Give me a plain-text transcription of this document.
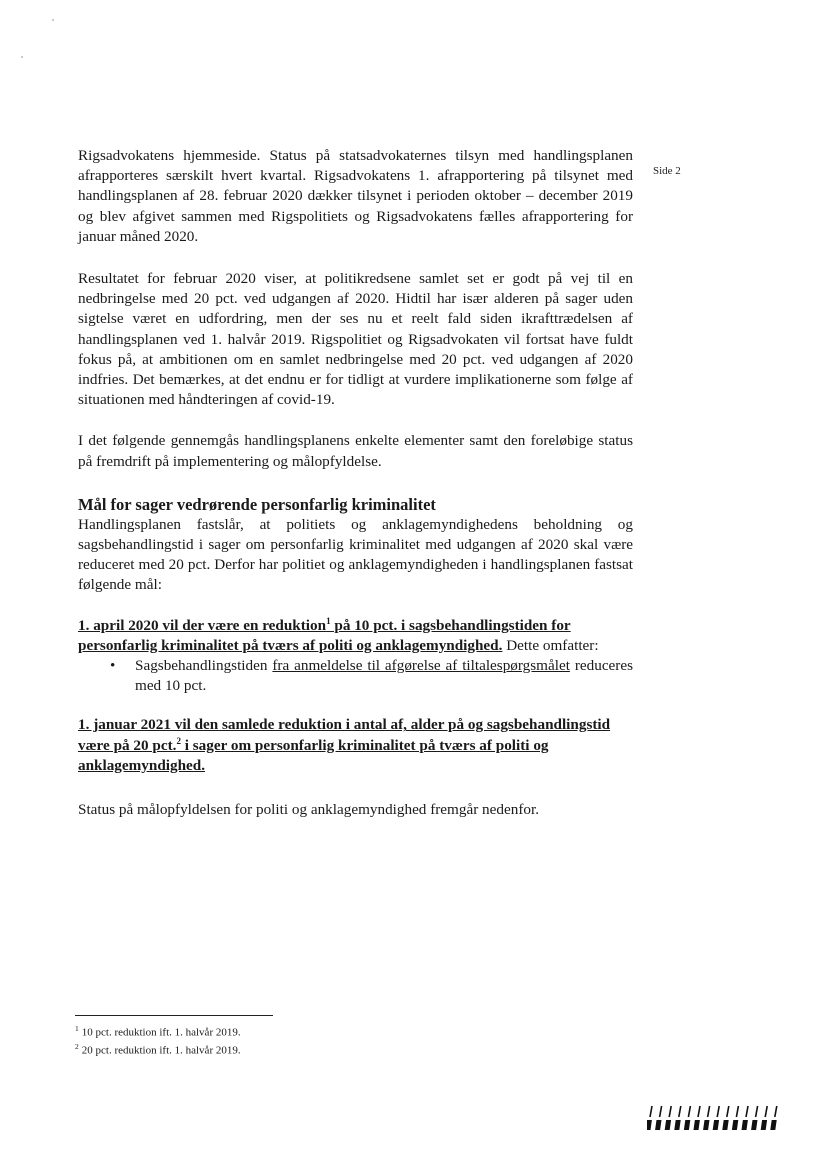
Side 2

Rigsadvokatens hjemmeside. Status på statsadvokaternes tilsyn med handlingsplanen afrapporteres særskilt hvert kvartal. Rigsadvokatens 1. afrapportering på tilsynet med handlingsplanen af 28. februar 2020 dækker tilsynet i perioden oktober – december 2019 og blev afgivet sammen med Rigspolitiets og Rigsadvokatens fælles afrapportering for januar måned 2020.

Resultatet for februar 2020 viser, at politikredsene samlet set er godt på vej til en nedbringelse med 20 pct. ved udgangen af 2020. Hidtil har især alderen på sager uden sigtelse været en udfordring, men der ses nu et reelt fald siden ikrafttrædelsen af handlingsplanen ved 1. halvår 2019. Rigspolitiet og Rigsadvokaten vil fortsat have fuldt fokus på, at ambitionen om en samlet nedbringelse med 20 pct. ved udgangen af 2020 indfries. Det bemærkes, at det endnu er for tidligt at vurdere implikationerne som følge af situationen med håndteringen af covid-19.

I det følgende gennemgås handlingsplanens enkelte elementer samt den foreløbige status på fremdrift på implementering og målopfyldelse.

Mål for sager vedrørende personfarlig kriminalitet

Handlingsplanen fastslår, at politiets og anklagemyndighedens beholdning og sagsbehandlingstid i sager om personfarlig kriminalitet med udgangen af 2020 skal være reduceret med 20 pct. Derfor har politiet og anklagemyndigheden i handlingsplanen fastsat følgende mål:

1. april 2020 vil der være en reduktion$^1$ på 10 pct. i sagsbehandlingstiden for personfarlig kriminalitet på tværs af politi og anklagemyndighed. Dette omfatter:

• Sagsbehandlingstiden fra anmeldelse til afgørelse af tiltalespørgsmålet reduceres med 10 pct.

1. januar 2021 vil den samlede reduktion i antal af, alder på og sagsbehandlingstid være på 20 pct.$^2$ i sager om personfarlig kriminalitet på tværs af politi og anklagemyndighed.

Status på målopfyldelsen for politi og anklagemyndighed fremgår nedenfor.

$^1$ 10 pct. reduktion ift. 1. halvår 2019.
$^2$ 20 pct. reduktion ift. 1. halvår 2019.
